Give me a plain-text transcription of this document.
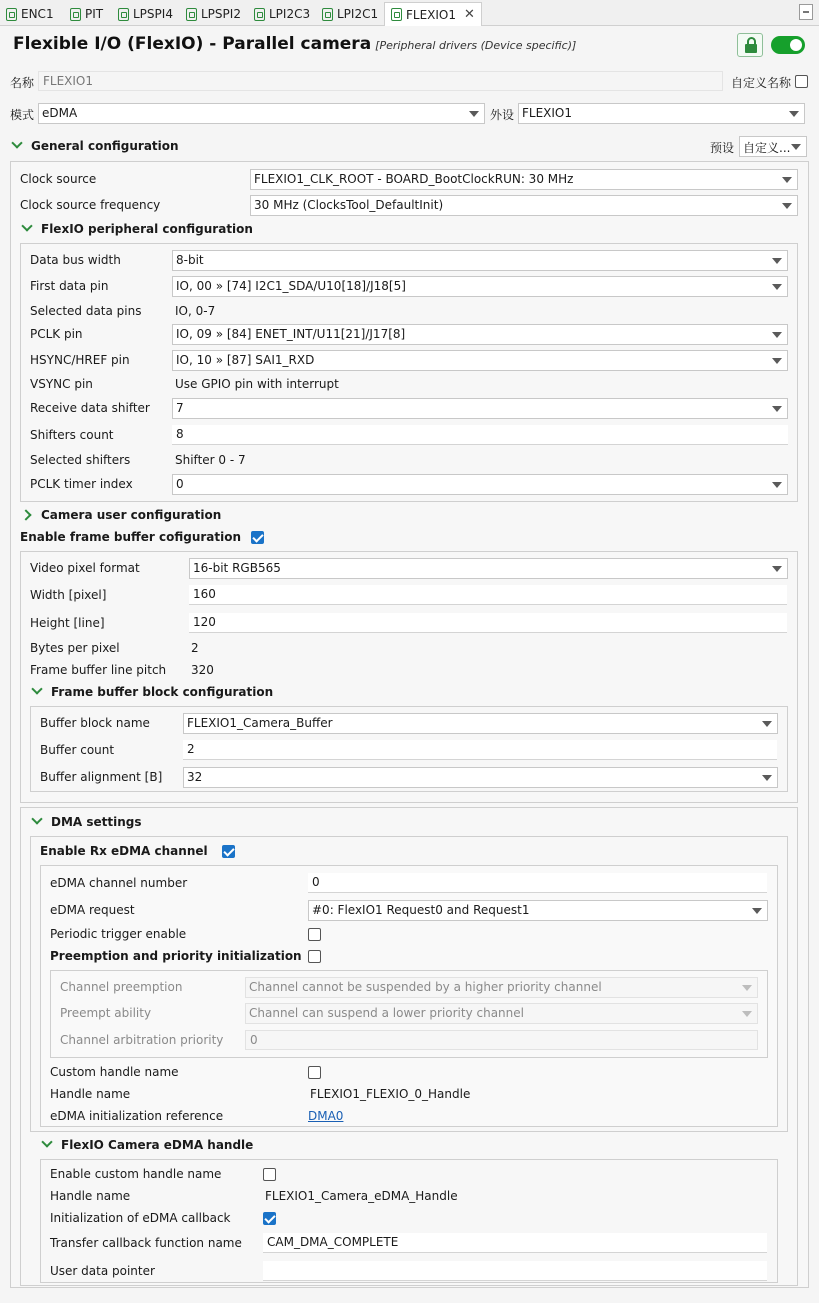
ENC1	PIT LPSPI4 LPSPI2 LPI2C3 LPI2C1 FLEXIO1 ✕
Flexible I/O (FlexIO) - Parallel camera [Peripheral drivers (Device specific)]
名称 FLEXIO1	自定义名称
模式 eDMA	外设 FLEXIO1
General configuration	预设 自定义...
Clock source	FLEXIO1_CLK_ROOT - BOARD_BootClockRUN: 30 MHz
Clock source frequency	30 MHz (ClocksTool_DefaultInit)
FlexIO peripheral configuration
Data bus width	8-bit
First data pin	IO, 00 » [74] I2C1_SDA/U10[18]/J18[5]
Selected data pins	IO, 0-7
PCLK pin	IO, 09 » [84] ENET_INT/U11[21]/J17[8]
HSYNC/HREF pin	IO, 10 » [87] SAI1_RXD
VSYNC pin	Use GPIO pin with interrupt
Receive data shifter	7
Shifters count	8
Selected shifters	Shifter 0 - 7
PCLK timer index	0
Camera user configuration
Enable frame buffer cofiguration
Video pixel format	16-bit RGB565
Width [pixel]	160
Height [line]	120
Bytes per pixel	2
Frame buffer line pitch 320
Frame buffer block configuration
Buffer block name	FLEXIO1_Camera_Buffer
Buffer count	2
Buffer alignment [B]	32
DMA settings
Enable Rx eDMA channel
eDMA channel number	0
eDMA request	#0: FlexIO1 Request0 and Request1
Periodic trigger enable
Preemption and priority initialization
Channel preemption	Channel cannot be suspended by a higher priority channel
Preempt ability	Channel can suspend a lower priority channel
Channel arbitration priority	0
Custom handle name
Handle name	FLEXIO1_FLEXIO_0_Handle
eDMA initialization reference	DMA0
FlexIO Camera eDMA handle
Enable custom handle name
Handle name	FLEXIO1_Camera_eDMA_Handle
Initialization of eDMA callback
Transfer callback function name	CAM_DMA_COMPLETE
User data pointer
